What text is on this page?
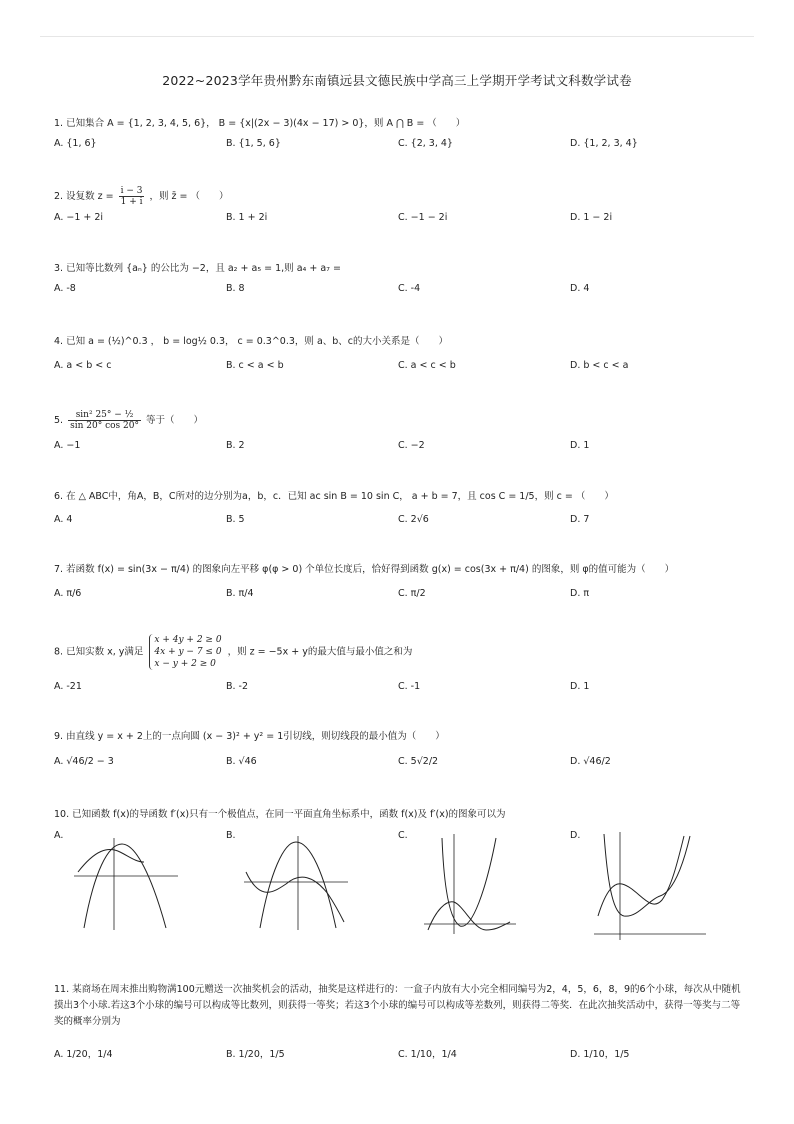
2022~2023学年贵州黔东南镇远县文德民族中学高三上学期开学考试文科数学试卷
1. 已知集合 A = {1, 2, 3, 4, 5, 6}， B = {x|(2x − 3)(4x − 17) > 0}，则 A ⋂ B = （　　）
A. {1, 6}	B. {1, 5, 6}	C. {2, 3, 4}	D. {1, 2, 3, 4}
2. 设复数 $z = \frac{i - 3}{1 + i}$ ，则 z̄ = （　　）
A. −1 + 2i	B. 1 + 2i	C. −1 − 2i	D. 1 − 2i
3. 已知等比数列 {aₙ} 的公比为 −2，且 a₂ + a₅ = 1,则 a₄ + a₇ =
A. -8	B. 8	C. -4	D. 4
4. 已知 a = (½)^0.3 ， b = log½ 0.3， c = 0.3^0.3，则 a、b、c的大小关系是（　　）
A. a < b < c	B. c < a < b	C. a < c < b	D. b < c < a
5. $\frac{\text{sin² 25° − ½}}{\sin 20^\circ \cos 20^\circ}$ 等于（　　）
A. −1	B. 2	C. −2	D. 1
6. 在 △ ABC中，角A，B，C所对的边分别为a，b，c．已知 ac sin B = 10 sin C， a + b = 7，且 cos C = 1/5，则 c = （　　）
A. 4	B. 5	C. 2√6	D. 7
7. 若函数 f(x) = sin(3x − π/4) 的图象向左平移 φ(φ > 0) 个单位长度后，恰好得到函数 g(x) = cos(3x + π/4) 的图象，则 φ的值可能为（　　）
A. π/6	B. π/4	C. π/2	D. π
8. 已知实数 x, y满足
x + 4y + 2 ≥ 0
4x + y − 7 ≤ 0
x − y + 2 ≥ 0
，则 z = −5x + y的最大值与最小值之和为
A. -21	B. -2	C. -1	D. 1
9. 由直线 y = x + 2上的一点向圆 (x − 3)² + y² = 1引切线，则切线段的最小值为（　　）
A. √46/2 − 3	B. √46	C. 5√2/2	D. √46/2
10. 已知函数 f(x)的导函数 f′(x)只有一个极值点，在同一平面直角坐标系中，函数 f(x)及 f′(x)的图象可以为
A.	B.	C.	D.
11. 某商场在周末推出购物满100元赠送一次抽奖机会的活动，抽奖是这样进行的：一盒子内放有大小完全相同编号为2，4，5，6，8，9的6个小球，每次从中随机摸出3个小球.若这3个小球的编号可以构成等比数列，则获得一等奖；若这3个小球的编号可以构成等差数列，则获得二等奖．在此次抽奖活动中，获得一等奖与二等奖的概率分别为
A. 1/20，1/4	B. 1/20，1/5	C. 1/10，1/4	D. 1/10，1/5
